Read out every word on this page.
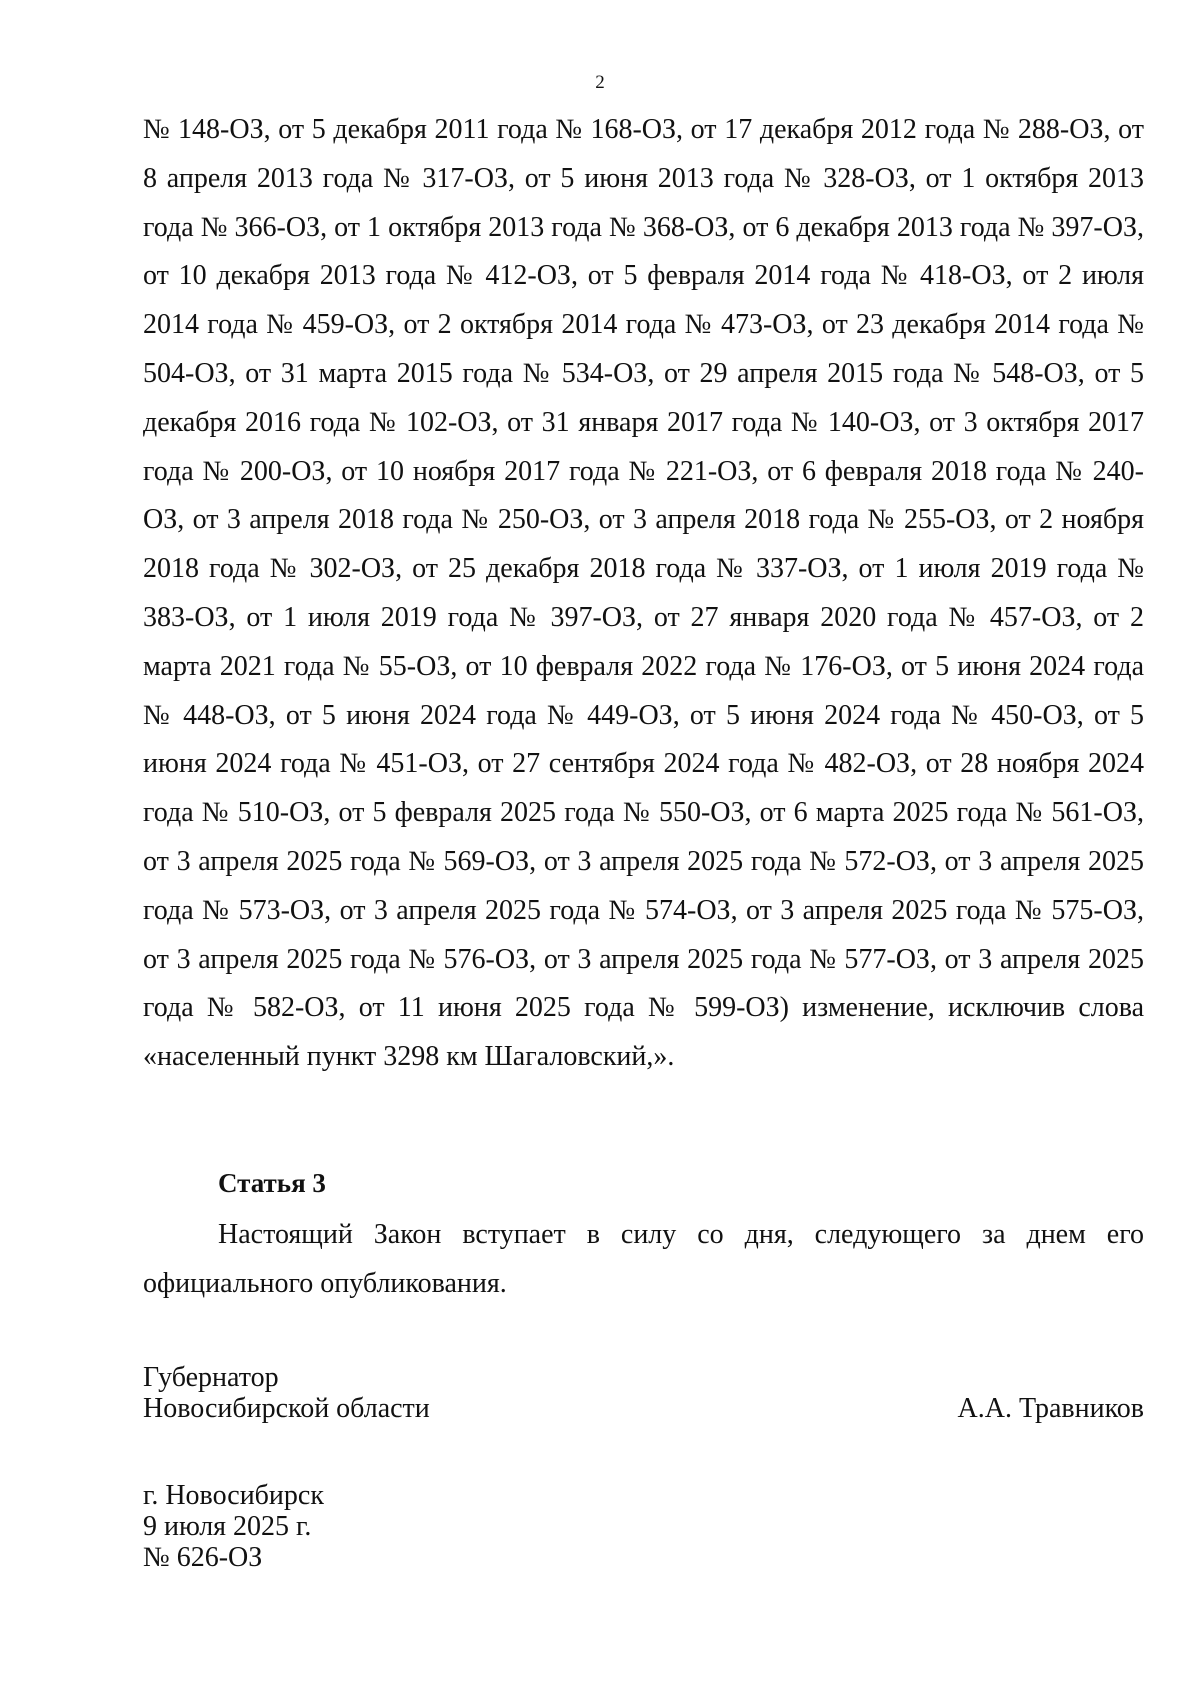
2

№ 148-ОЗ, от 5 декабря 2011 года № 168-ОЗ, от 17 декабря 2012 года № 288-ОЗ, от 8 апреля 2013 года № 317-ОЗ, от 5 июня 2013 года № 328-ОЗ, от 1 октября 2013 года № 366-ОЗ, от 1 октября 2013 года № 368-ОЗ, от 6 декабря 2013 года № 397-ОЗ, от 10 декабря 2013 года № 412-ОЗ, от 5 февраля 2014 года № 418-ОЗ, от 2 июля 2014 года № 459-ОЗ, от 2 октября 2014 года № 473-ОЗ, от 23 декабря 2014 года № 504-ОЗ, от 31 марта 2015 года № 534-ОЗ, от 29 апреля 2015 года № 548-ОЗ, от 5 декабря 2016 года № 102-ОЗ, от 31 января 2017 года № 140-ОЗ, от 3 октября 2017 года № 200-ОЗ, от 10 ноября 2017 года № 221-ОЗ, от 6 февраля 2018 года № 240-ОЗ, от 3 апреля 2018 года № 250-ОЗ, от 3 апреля 2018 года № 255-ОЗ, от 2 ноября 2018 года № 302-ОЗ, от 25 декабря 2018 года № 337-ОЗ, от 1 июля 2019 года № 383-ОЗ, от 1 июля 2019 года № 397-ОЗ, от 27 января 2020 года № 457-ОЗ, от 2 марта 2021 года № 55-ОЗ, от 10 февраля 2022 года № 176-ОЗ, от 5 июня 2024 года № 448-ОЗ, от 5 июня 2024 года № 449-ОЗ, от 5 июня 2024 года № 450-ОЗ, от 5 июня 2024 года № 451-ОЗ, от 27 сентября 2024 года № 482-ОЗ, от 28 ноября 2024 года № 510-ОЗ, от 5 февраля 2025 года № 550-ОЗ, от 6 марта 2025 года № 561-ОЗ, от 3 апреля 2025 года № 569-ОЗ, от 3 апреля 2025 года № 572-ОЗ, от 3 апреля 2025 года № 573-ОЗ, от 3 апреля 2025 года № 574-ОЗ, от 3 апреля 2025 года № 575-ОЗ, от 3 апреля 2025 года № 576-ОЗ, от 3 апреля 2025 года № 577-ОЗ, от 3 апреля 2025 года № 582-ОЗ, от 11 июня 2025 года № 599-ОЗ) изменение, исключив слова «населенный пункт 3298 км Шагаловский,».

Статья 3

Настоящий Закон вступает в силу со дня, следующего за днем его официального опубликования.

Губернатор
Новосибирской области	А.А. Травников
г. Новосибирск
9 июля 2025 г.
№ 626-ОЗ
